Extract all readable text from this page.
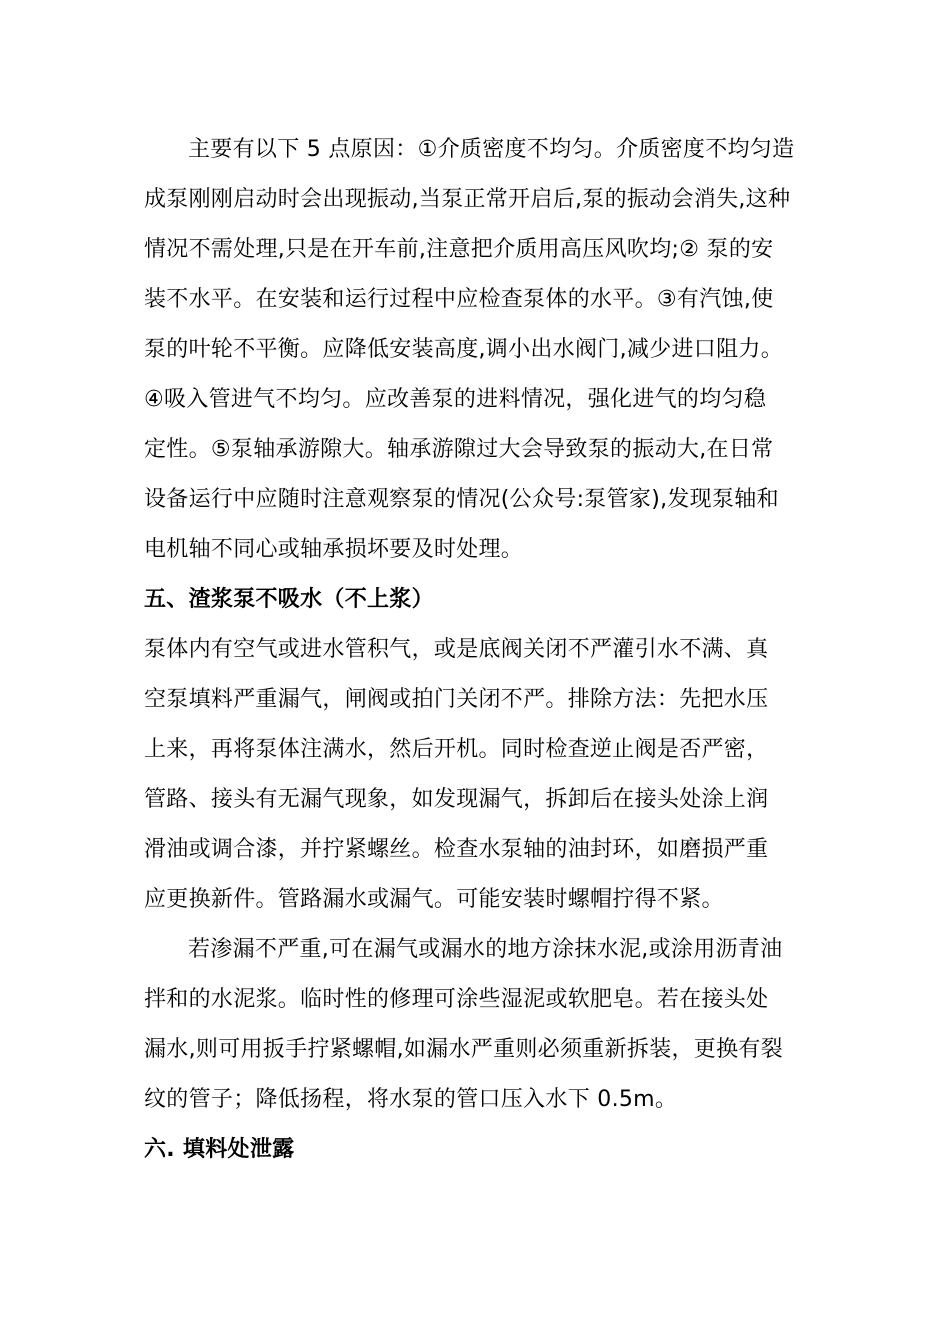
主要有以下 5 点原因：①介质密度不均匀。介质密度不均匀造
成泵刚刚启动时会出现振动,当泵正常开启后,泵的振动会消失,这种
情况不需处理,只是在开车前,注意把介质用高压风吹均;② 泵的安
装不水平。在安装和运行过程中应检查泵体的水平。③有汽蚀,使
泵的叶轮不平衡。应降低安装高度,调小出水阀门,减少进口阻力。
④吸入管进气不均匀。应改善泵的进料情况，强化进气的均匀稳
定性。⑤泵轴承游隙大。轴承游隙过大会导致泵的振动大,在日常
设备运行中应随时注意观察泵的情况(公众号:泵管家),发现泵轴和
电机轴不同心或轴承损坏要及时处理。
五、渣浆泵不吸水（不上浆）
泵体内有空气或进水管积气，或是底阀关闭不严灌引水不满、真
空泵填料严重漏气，闸阀或拍门关闭不严。排除方法：先把水压
上来，再将泵体注满水，然后开机。同时检查逆止阀是否严密，
管路、接头有无漏气现象，如发现漏气，拆卸后在接头处涂上润
滑油或调合漆，并拧紧螺丝。检查水泵轴的油封环，如磨损严重
应更换新件。管路漏水或漏气。可能安装时螺帽拧得不紧。
若渗漏不严重,可在漏气或漏水的地方涂抹水泥,或涂用沥青油
拌和的水泥浆。临时性的修理可涂些湿泥或软肥皂。若在接头处
漏水,则可用扳手拧紧螺帽,如漏水严重则必须重新拆装，更换有裂
纹的管子；降低扬程，将水泵的管口压入水下 0.5m。
六. 填料处泄露
